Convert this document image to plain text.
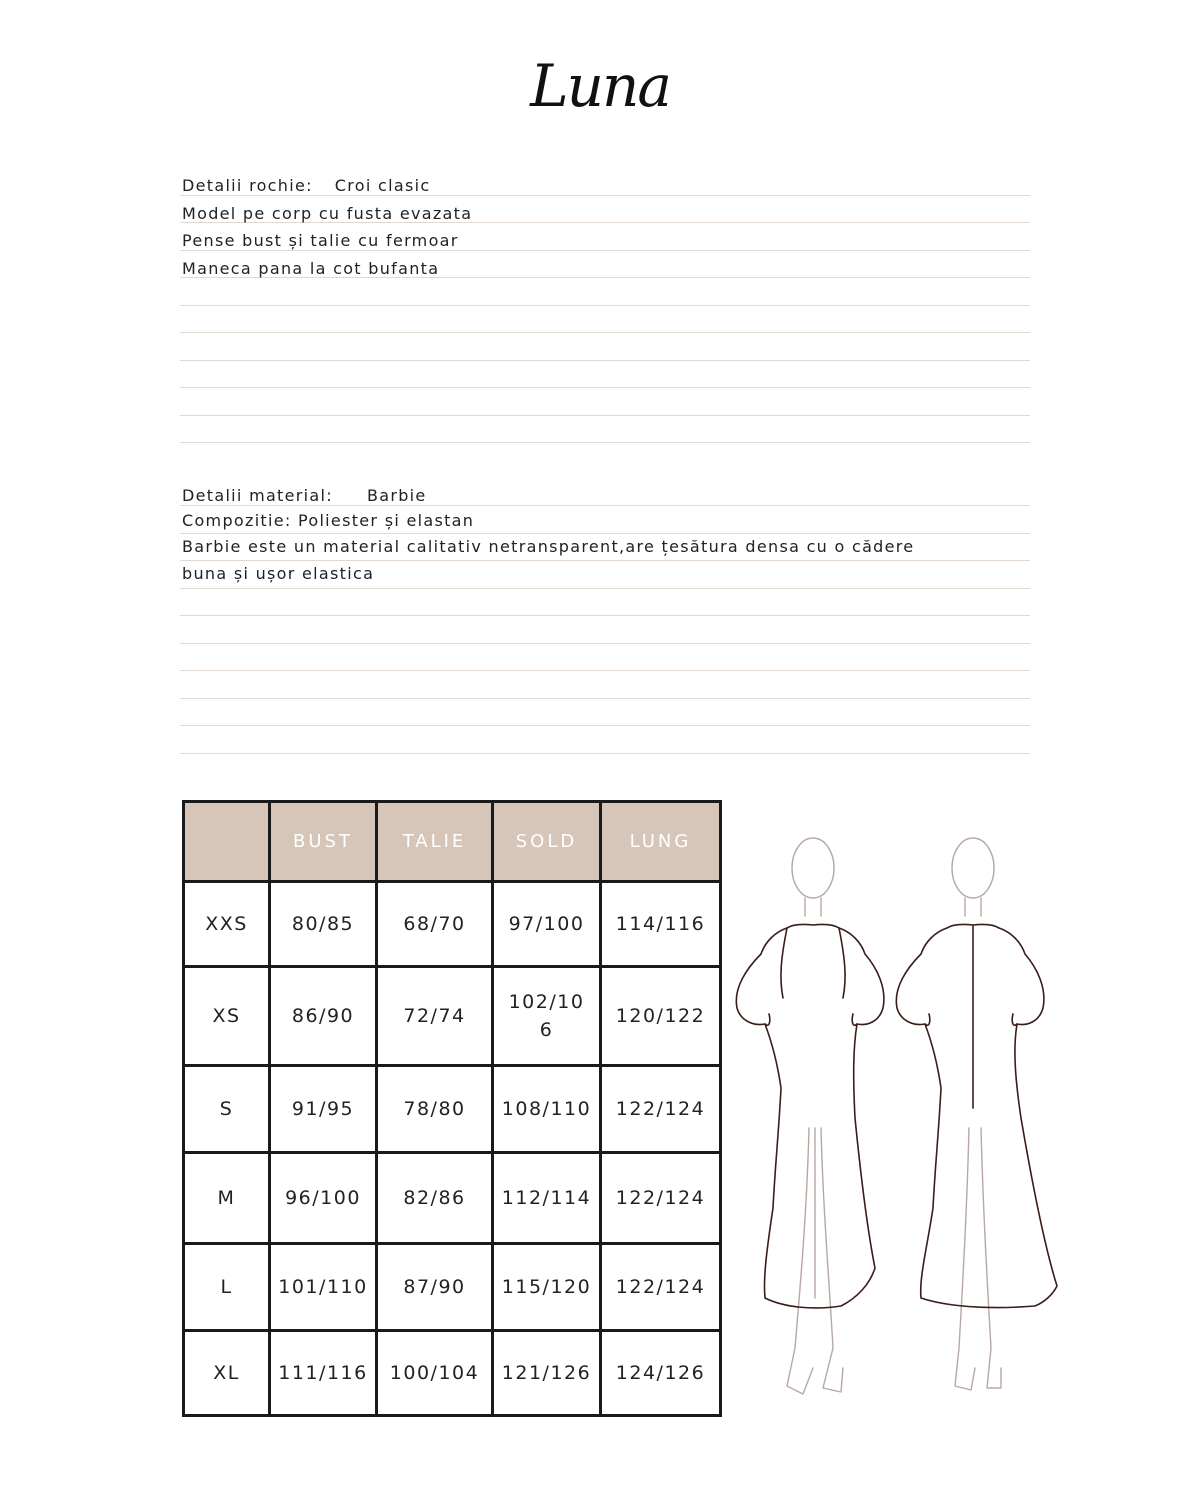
Luna
Detalii rochie: Croi clasic
Model pe corp cu fusta evazata
Pense bust și talie cu fermoar
Maneca pana la cot bufanta
Detalii material: Barbie
Compozitie: Poliester și elastan
Barbie este un material calitativ netransparent,are țesătura densa cu o cădere
buna și ușor elastica
	BUST	TALIE	SOLD	LUNG
XXS	80/85	68/70	97/100	114/116
XS	86/90	72/74	102/10 6	120/122
S	91/95	78/80	108/110	122/124
M	96/100	82/86	112/114	122/124
L	101/110	87/90	115/120	122/124
XL	111/116	100/104	121/126	124/126
